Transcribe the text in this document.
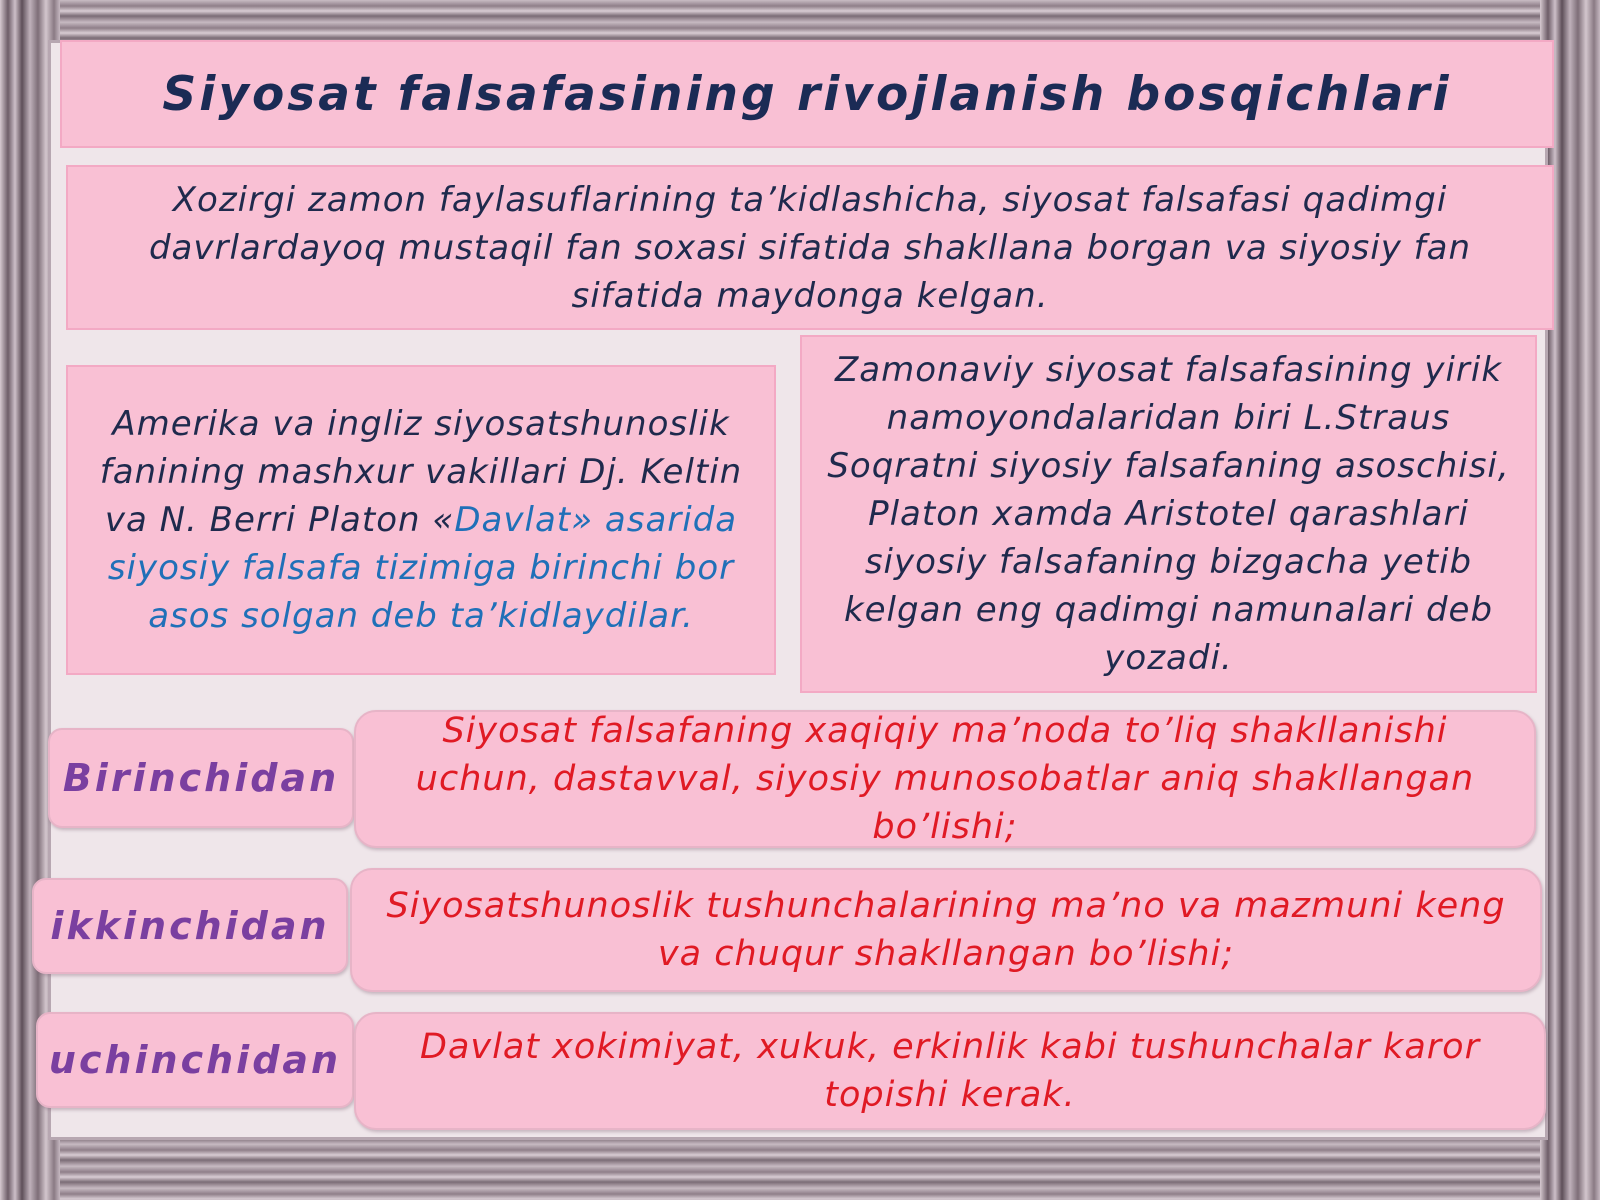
Siyosat falsafasining rivojlanish bosqichlari

Xozirgi zamon faylasuflarining ta’kidlashicha, siyosat falsafasi qadimgi davrlardayoq mustaqil fan soxasi sifatida shakllana borgan va siyosiy fan sifatida maydonga kelgan.

Amerika va ingliz siyosatshunoslik fanining mashxur vakillari Dj. Keltin va N. Berri Platon «Davlat» asarida siyosiy falsafa tizimiga birinchi bor asos solgan deb ta’kidlaydilar.

Zamonaviy siyosat falsafasining yirik namoyondalaridan biri L.Straus Soqratni siyosiy falsafaning asoschisi, Platon xamda Aristotel qarashlari siyosiy falsafaning bizgacha yetib kelgan eng qadimgi namunalari deb yozadi.

Birinchidan

Siyosat falsafaning xaqiqiy ma’noda to’liq shakllanishi uchun, dastavval, siyosiy munosobatlar aniq shakllangan bo’lishi;

ikkinchidan Siyosatshunoslik tushunchalarining ma’no va mazmuni keng va chuqur shakllangan bo’lishi;

uchinchidan	Davlat xokimiyat, xukuk, erkinlik kabi tushunchalar karor topishi kerak.
